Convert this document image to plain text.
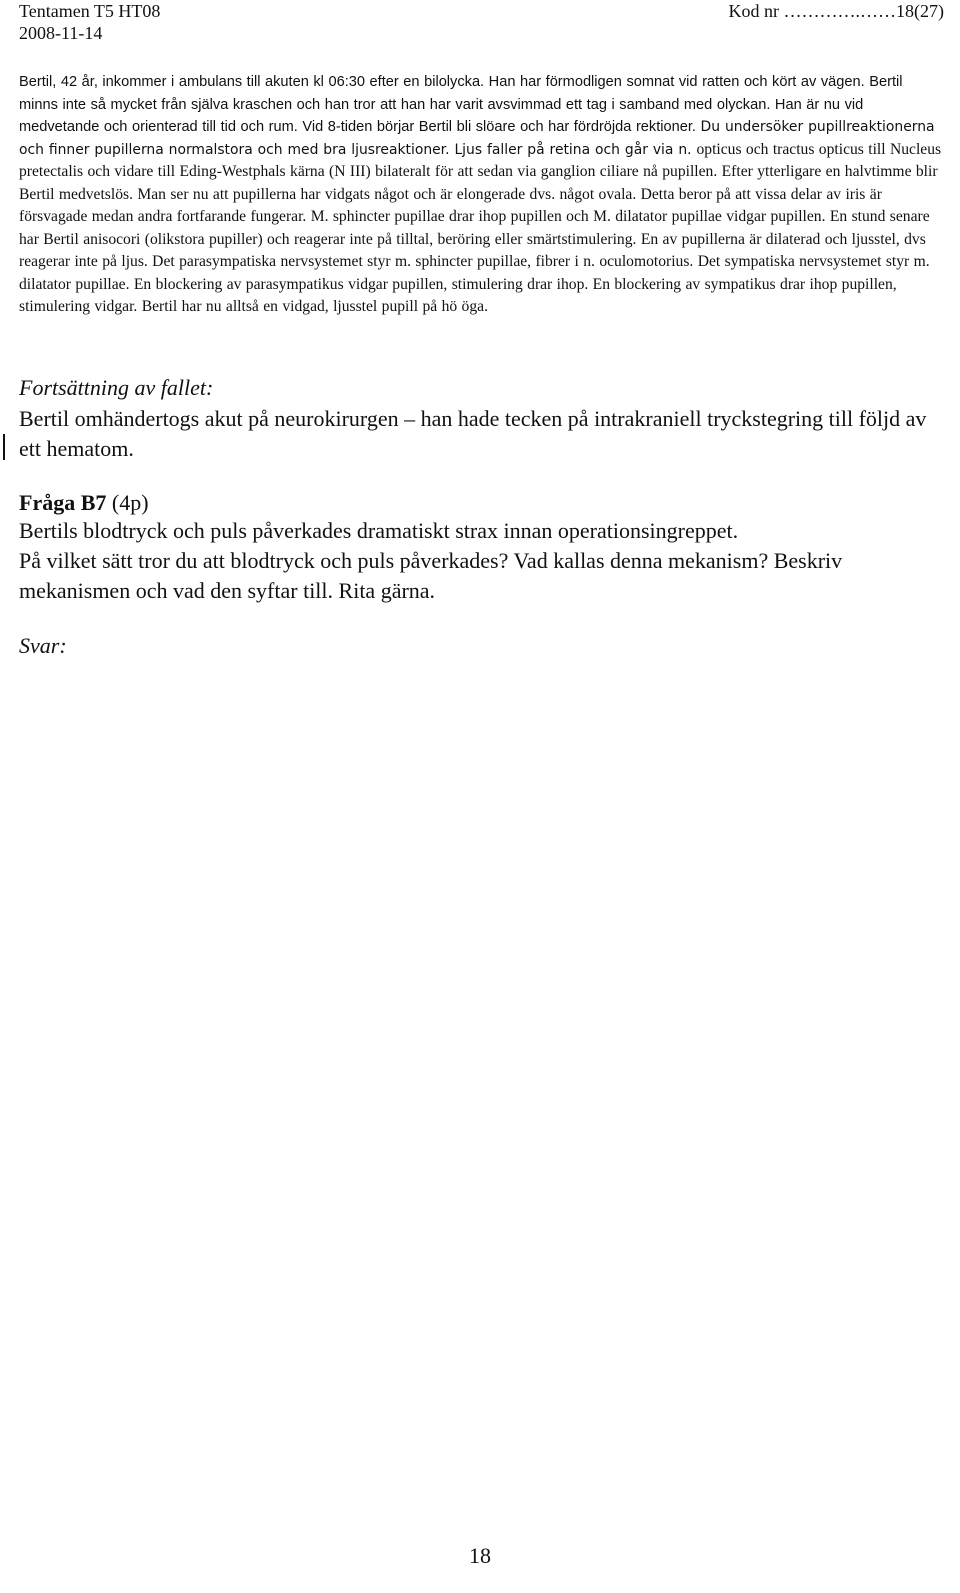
Tentamen T5 HT08
2008-11-14
Kod nr ………….……18(27)
Bertil, 42 år, inkommer i ambulans till akuten kl 06:30 efter en bilolycka. Han har förmodligen somnat vid ratten och kört av vägen. Bertil minns inte så mycket från själva kraschen och han tror att han har varit avsvimmad ett tag i samband med olyckan. Han är nu vid medvetande och orienterad till tid och rum. Vid 8-tiden börjar Bertil bli slöare och har fördröjda rektioner. Du undersöker pupillreaktionerna och finner pupillerna normalstora och med bra ljusreaktioner. Ljus faller på retina och går via n. opticus och tractus opticus till Nucleus pretectalis och vidare till Eding-Westphals kärna (N III) bilateralt för att sedan via ganglion ciliare nå pupillen. Efter ytterligare en halvtimme blir Bertil medvetslös. Man ser nu att pupillerna har vidgats något och är elongerade dvs. något ovala. Detta beror på att vissa delar av iris är försvagade medan andra fortfarande fungerar. M. sphincter pupillae drar ihop pupillen och M. dilatator pupillae vidgar pupillen. En stund senare har Bertil anisocori (olikstora pupiller) och reagerar inte på tilltal, beröring eller smärtstimulering. En av pupillerna är dilaterad och ljusstel, dvs reagerar inte på ljus. Det parasympatiska nervsystemet styr m. sphincter pupillae, fibrer i n. oculomotorius. Det sympatiska nervsystemet styr m. dilatator pupillae. En blockering av parasympatikus vidgar pupillen, stimulering drar ihop. En blockering av sympatikus drar ihop pupillen, stimulering vidgar. Bertil har nu alltså en vidgad, ljusstel pupill på hö öga.
Fortsättning av fallet:
Bertil omhändertogs akut på neurokirurgen – han hade tecken på intrakraniell tryckstegring till följd av ett hematom.
Fråga B7 (4p)
Bertils blodtryck och puls påverkades dramatiskt strax innan operationsingreppet.
På vilket sätt tror du att blodtryck och puls påverkades? Vad kallas denna mekanism? Beskriv mekanismen och vad den syftar till. Rita gärna.
Svar:
18
